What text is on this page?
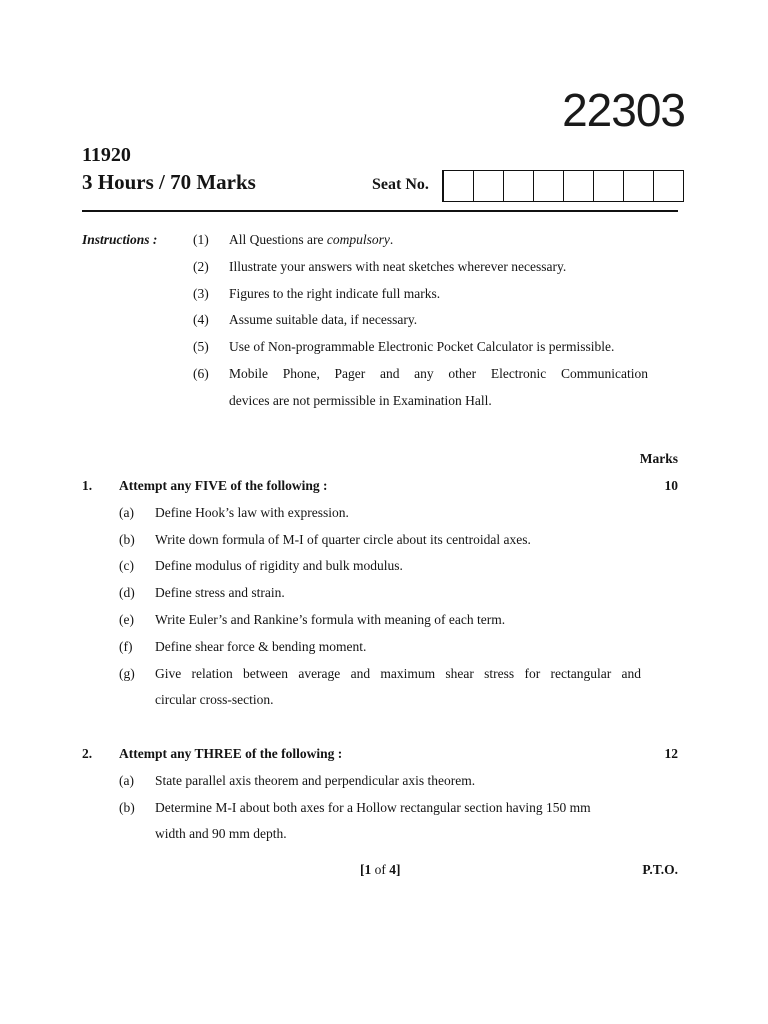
22303
11920
3 Hours / 70 Marks	Seat No.
Instructions :	(1) All Questions are compulsory.
(2) Illustrate your answers with neat sketches wherever necessary.
(3) Figures to the right indicate full marks.
(4) Assume suitable data, if necessary.
(5) Use of Non-programmable Electronic Pocket Calculator is permissible.
(6) Mobile Phone, Pager and any other Electronic Communication
devices are not permissible in Examination Hall.
Marks
1. Attempt any FIVE of the following :	10
(a) Define Hook’s law with expression.
(b) Write down formula of M-I of quarter circle about its centroidal axes.
(c) Define modulus of rigidity and bulk modulus.
(d) Define stress and strain.
(e) Write Euler’s and Rankine’s formula with meaning of each term.
(f) Define shear force & bending moment.
(g) Give relation between average and maximum shear stress for rectangular and
circular cross-section.
2. Attempt any THREE of the following :	12
(a) State parallel axis theorem and perpendicular axis theorem.
(b) Determine M-I about both axes for a Hollow rectangular section having 150 mm
width and 90 mm depth.
[1 of 4]	P.T.O.
